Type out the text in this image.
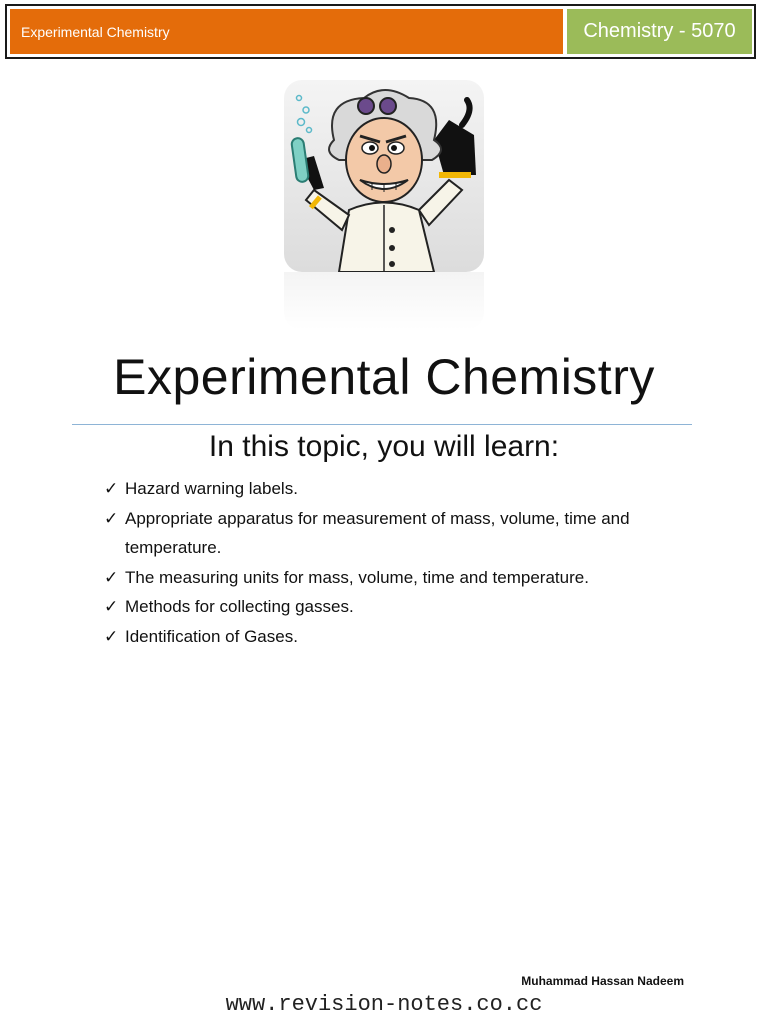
Experimental Chemistry	Chemistry - 5070
Experimental Chemistry
In this topic, you will learn:
✓ Hazard warning labels.
✓ Appropriate apparatus for measurement of mass, volume, time and temperature.
✓ The measuring units for mass, volume, time and temperature.
✓ Methods for collecting gasses.
✓ Identification of Gases.
Muhammad Hassan Nadeem
www.revision-notes.co.cc
